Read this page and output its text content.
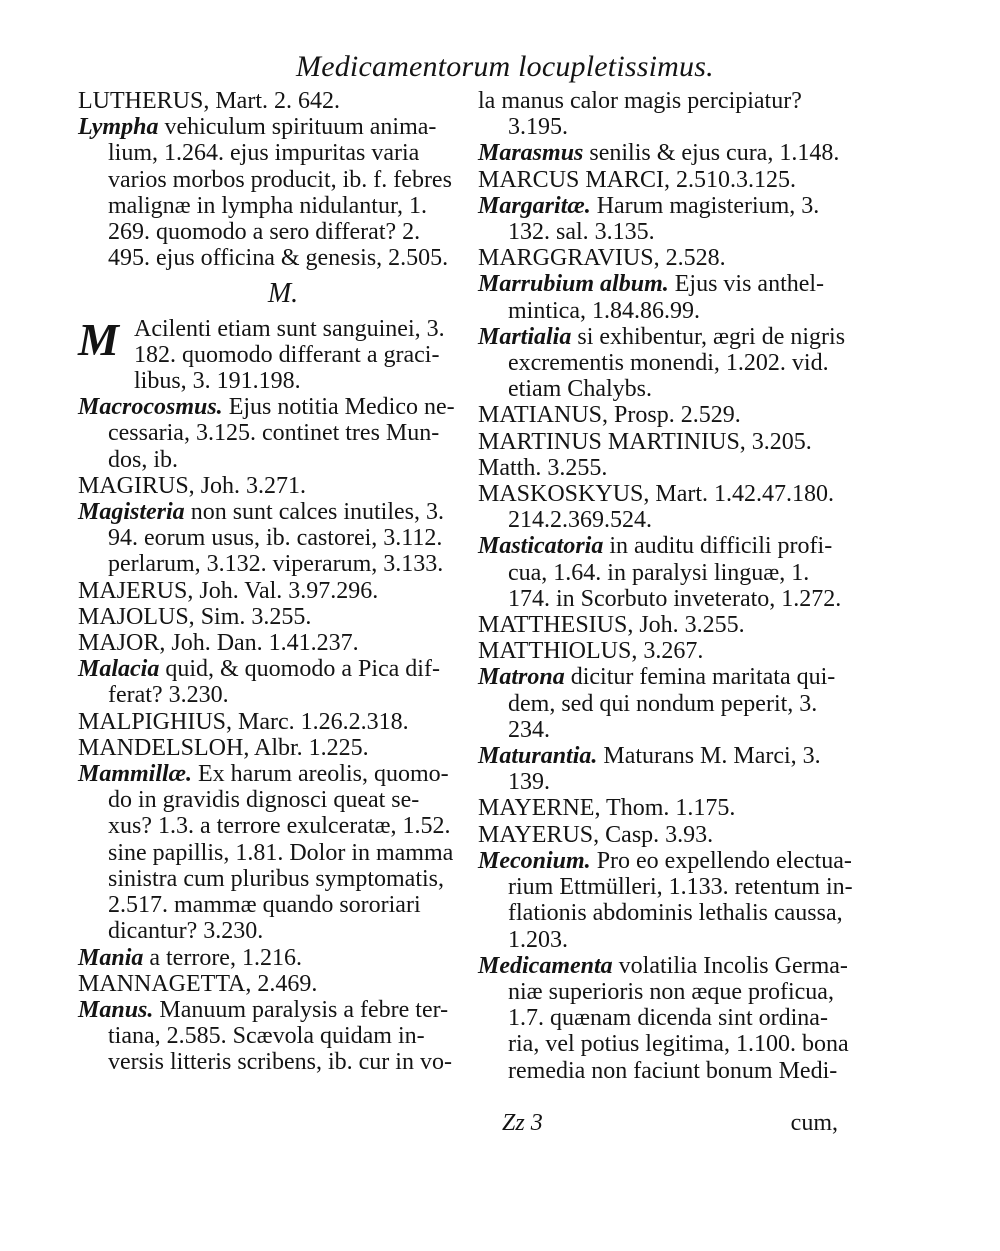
Medicamentorum locupletissimus.

LUTHERUS, Mart. 2. 642.

Lympha vehiculum spirituum anima-
lium, 1.264. ejus impuritas varia
varios morbos producit, ib. f. febres
malignæ in lympha nidulantur, 1.
269. quomodo a sero differat? 2.
495. ejus officina & genesis, 2.505.

M.

M Acilenti etiam sunt sanguinei, 3.
182. quomodo differant a graci-
libus, 3. 191.198.

Macrocosmus. Ejus notitia Medico ne-
cessaria, 3.125. continet tres Mun-
dos, ib.

MAGIRUS, Joh. 3.271.

Magisteria non sunt calces inutiles, 3.
94. eorum usus, ib. castorei, 3.112.
perlarum, 3.132. viperarum, 3.133.

MAJERUS, Joh. Val. 3.97.296.

MAJOLUS, Sim. 3.255.

MAJOR, Joh. Dan. 1.41.237.

Malacia quid, & quomodo a Pica dif-
ferat? 3.230.

MALPIGHIUS, Marc. 1.26.2.318.

MANDELSLOH, Albr. 1.225.

Mammillæ. Ex harum areolis, quomo-
do in gravidis dignosci queat se-
xus? 1.3. a terrore exulceratæ, 1.52.
sine papillis, 1.81. Dolor in mamma
sinistra cum pluribus symptomatis,
2.517. mammæ quando sororiari
dicantur? 3.230.

Mania a terrore, 1.216.

MANNAGETTA, 2.469.

Manus. Manuum paralysis a febre ter-
tiana, 2.585. Scævola quidam in-
versis litteris scribens, ib. cur in vo-

la manus calor magis percipiatur?
3.195.

Marasmus senilis & ejus cura, 1.148.

MARCUS MARCI, 2.510.3.125.

Margaritæ. Harum magisterium, 3.
132. sal. 3.135.

MARGGRAVIUS, 2.528.

Marrubium album. Ejus vis anthel-
mintica, 1.84.86.99.

Martialia si exhibentur, ægri de nigris
excrementis monendi, 1.202. vid.
etiam Chalybs.

MATIANUS, Prosp. 2.529.

MARTINUS MARTINIUS, 3.205.

Matth. 3.255.

MASKOSKYUS, Mart. 1.42.47.180.
214.2.369.524.

Masticatoria in auditu difficili profi-
cua, 1.64. in paralysi linguæ, 1.
174. in Scorbuto inveterato, 1.272.

MATTHESIUS, Joh. 3.255.

MATTHIOLUS, 3.267.

Matrona dicitur femina maritata qui-
dem, sed qui nondum peperit, 3.
234.

Maturantia. Maturans M. Marci, 3.
139.

MAYERNE, Thom. 1.175.

MAYERUS, Casp. 3.93.

Meconium. Pro eo expellendo electua-
rium Ettmülleri, 1.133. retentum in-
flationis abdominis lethalis caussa,
1.203.

Medicamenta volatilia Incolis Germa-
niæ superioris non æque proficua,
1.7. quænam dicenda sint ordina-
ria, vel potius legitima, 1.100. bona
remedia non faciunt bonum Medi-

Zz 3	cum,
